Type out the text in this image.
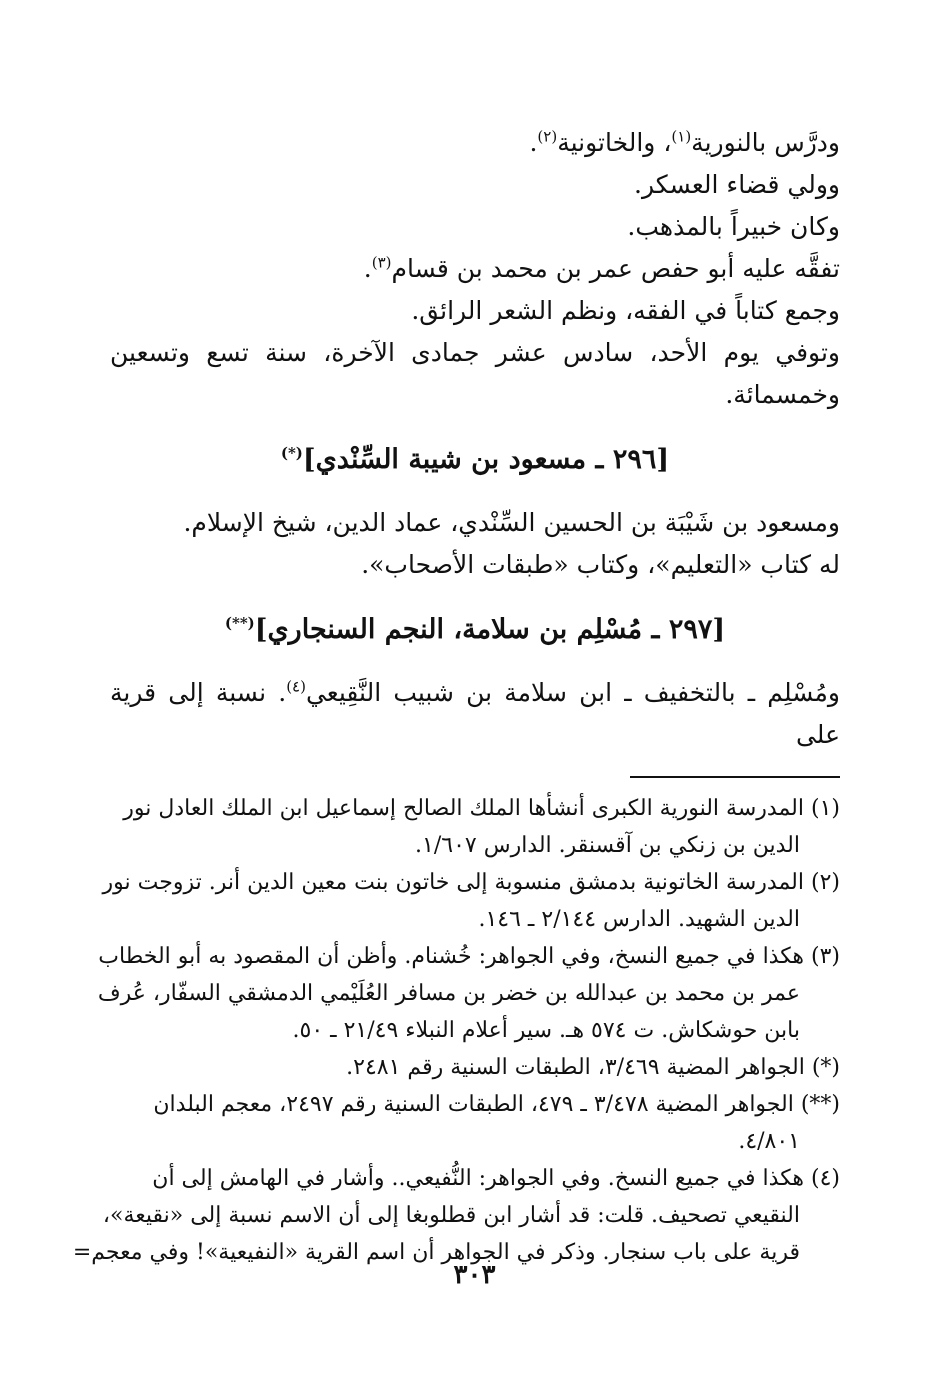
ودرَّس بالنورية$^{(١)}$، والخاتونية$^{(٢)}$.
وولي قضاء العسكر.
وكان خبيراً بالمذهب.
تفقَّه عليه أبو حفص عمر بن محمد بن قسام$^{(٣)}$.
وجمع كتاباً في الفقه، ونظم الشعر الرائق.
وتوفي يوم الأحد، سادس عشر جمادى الآخرة، سنة تسع وتسعين
وخمسمائة.
[٢٩٦ ـ مسعود بن شيبة السِّنْدي](*)
ومسعود بن شَيْبَة بن الحسين السِّنْدي، عماد الدين، شيخ الإسلام.
له كتاب «التعليم»، وكتاب «طبقات الأصحاب».
[٢٩٧ ـ مُسْلِم بن سلامة، النجم السنجاري](**)
ومُسْلِم ـ بالتخفيف ـ ابن سلامة بن شبيب النَّقِيعي$^{(٤)}$. نسبة إلى قرية على
(١) المدرسة النورية الكبرى أنشأها الملك الصالح إسماعيل ابن الملك العادل نور
الدين بن زنكي بن آقسنقر. الدارس ١/٦٠٧.
(٢) المدرسة الخاتونية بدمشق منسوبة إلى خاتون بنت معين الدين أنر. تزوجت نور
الدين الشهيد. الدارس ٢/١٤٤ ـ ١٤٦.
(٣) هكذا في جميع النسخ، وفي الجواهر: خُشنام. وأظن أن المقصود به أبو الخطاب
عمر بن محمد بن عبدالله بن خضر بن مسافر العُلَيْمي الدمشقي السفّار، عُرف
بابن حوشكاش. ت ٥٧٤ هـ. سير أعلام النبلاء ٢١/٤٩ ـ ٥٠.
(*) الجواهر المضية ٣/٤٦٩، الطبقات السنية رقم ٢٤٨١.
(**) الجواهر المضية ٣/٤٧٨ ـ ٤٧٩، الطبقات السنية رقم ٢٤٩٧، معجم البلدان
٤/٨٠١.
(٤) هكذا في جميع النسخ. وفي الجواهر: النُّفيعي.. وأشار في الهامش إلى أن
النقيعي تصحيف. قلت: قد أشار ابن قطلوبغا إلى أن الاسم نسبة إلى «نقيعة»،
قرية على باب سنجار. وذكر في الجواهر أن اسم القرية «النفيعية»! وفي معجم=
٣٠٣
